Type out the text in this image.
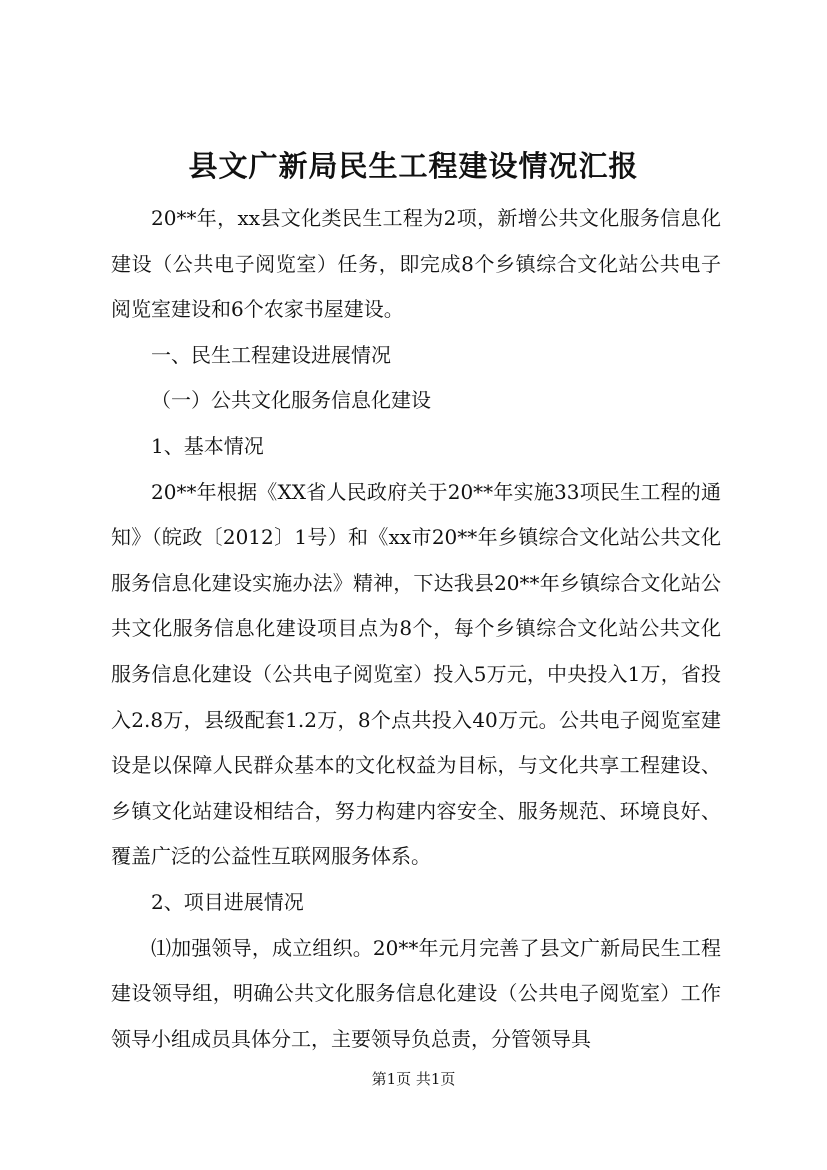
县文广新局民生工程建设情况汇报

20**年，xx县文化类民生工程为2项，新增公共文化服务信息化建设（公共电子阅览室）任务，即完成8个乡镇综合文化站公共电子阅览室建设和6个农家书屋建设。

一、民生工程建设进展情况

（一）公共文化服务信息化建设

1、基本情况

20**年根据《XX省人民政府关于20**年实施33项民生工程的通知》（皖政〔2012〕1号）和《xx市20**年乡镇综合文化站公共文化服务信息化建设实施办法》精神，下达我县20**年乡镇综合文化站公共文化服务信息化建设项目点为8个，每个乡镇综合文化站公共文化服务信息化建设（公共电子阅览室）投入5万元，中央投入1万，省投入2.8万，县级配套1.2万，8个点共投入40万元。公共电子阅览室建设是以保障人民群众基本的文化权益为目标，与文化共享工程建设、乡镇文化站建设相结合，努力构建内容安全、服务规范、环境良好、覆盖广泛的公益性互联网服务体系。

2、项目进展情况

⑴加强领导，成立组织。20**年元月完善了县文广新局民生工程建设领导组，明确公共文化服务信息化建设（公共电子阅览室）工作领导小组成员具体分工，主要领导负总责，分管领导具

第1页 共1页
